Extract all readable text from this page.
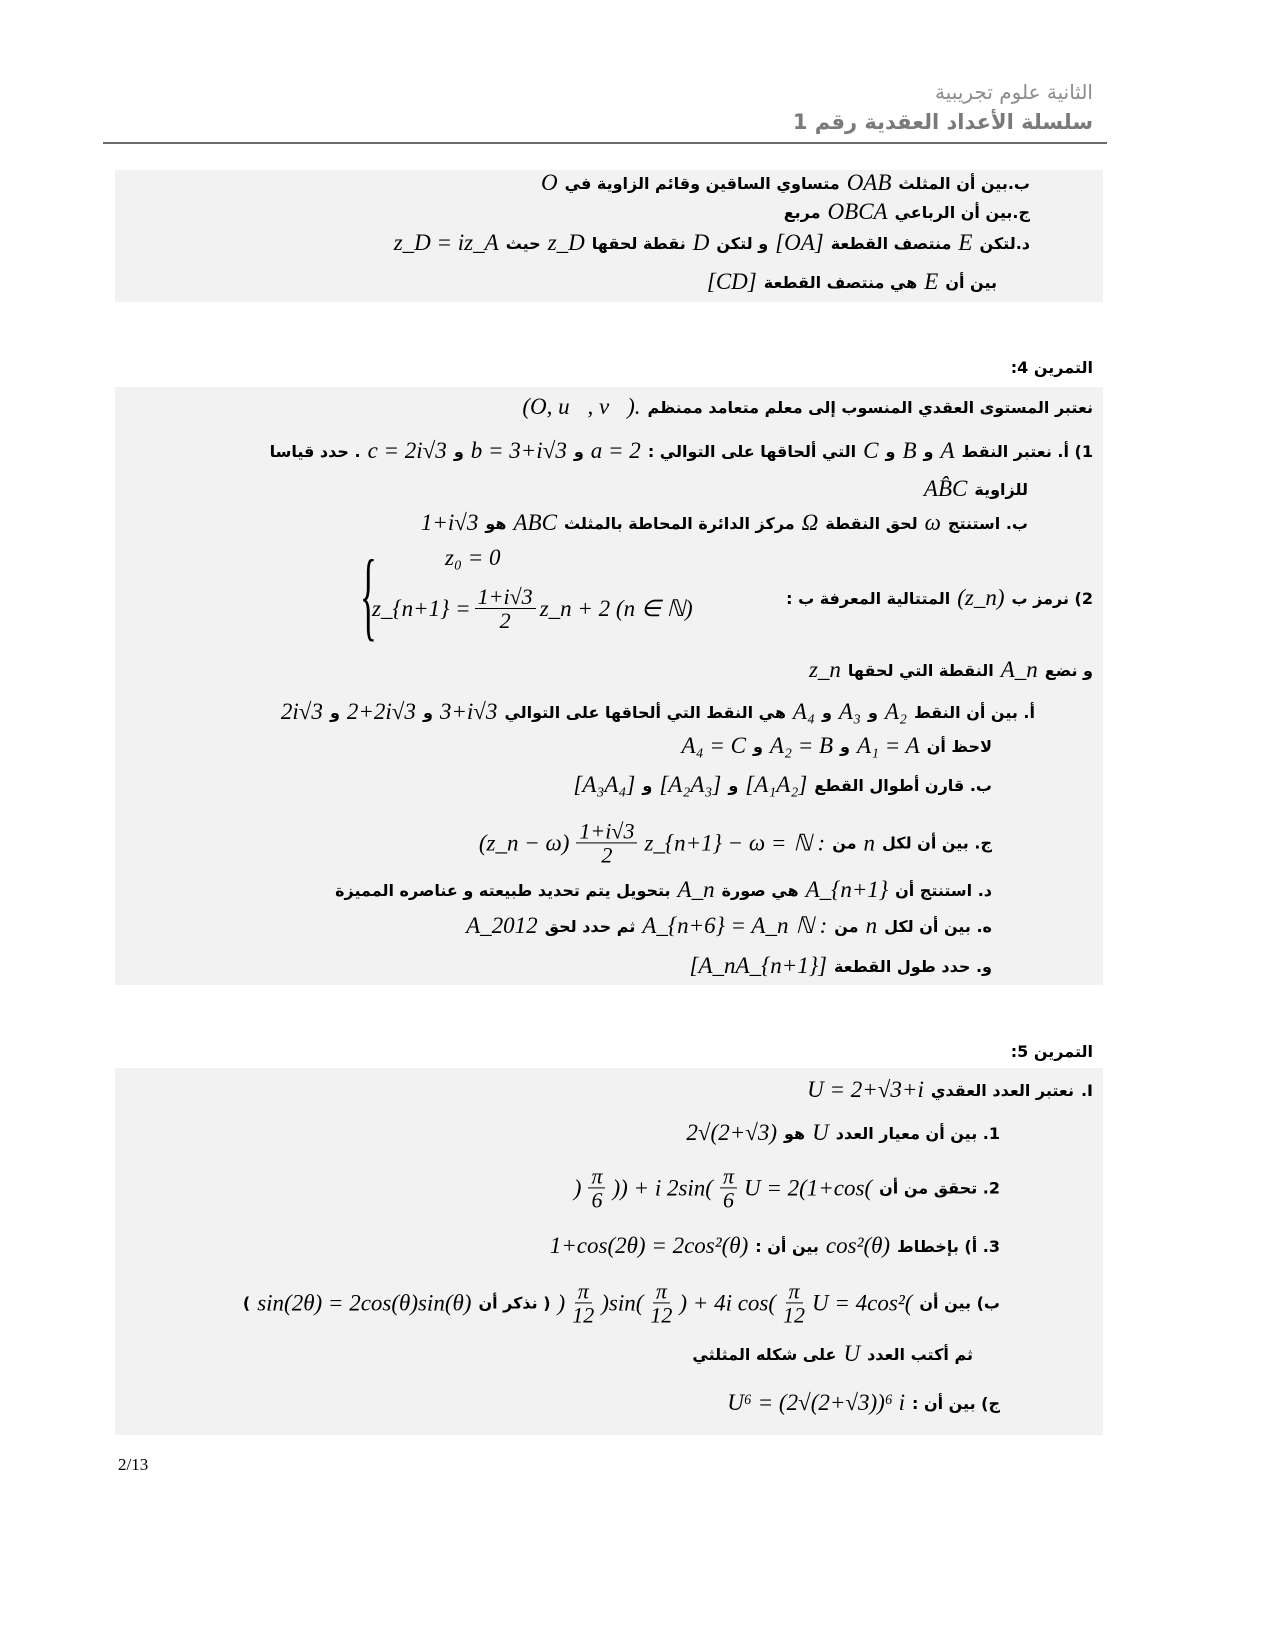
الثانية علوم تجريبية
سلسلة الأعداد العقدية رقم 1
التمرين 4:
التمرين 5:
{	z₀ = 0
z_{n+1} = $\frac{1+i√3}{2}$ z_n + 2 (n ∈ ℕ)
2/13
ب.بين أن المثلث
OAB
متساوي الساقين وقائم الزاوية في
O
ج.بين أن الرباعي
OBCA
مربع
د.لتكن
E
منتصف القطعة
[OA]
و لتكن
D
نقطة لحقها
z_D
حيث
z_D = iz_A
بين أن
E
هي منتصف القطعة
[CD]
نعتبر المستوى العقدي المنسوب إلى معلم متعامد ممنظم
(O, u⃗, v⃗).
1) أ. نعتبر النقط
A
و
B
و
C
التي ألحاقها على التوالي :
a = 2
و
b = 3+i√3
و
c = 2i√3
. حدد قياسا
للزاوية
AB̂C
ب. استنتج
ω
لحق النقطة
Ω
مركز الدائرة المحاطة بالمثلث
ABC
هو
1+i√3
2) نرمز ب
(z_n)
المتتالية المعرفة ب :
و نضع
A_n
النقطة التي لحقها
z_n
أ. بين أن النقط
A₂
و
A₃
و
A₄
هي النقط التي ألحاقها على التوالي
3+i√3
و
2+2i√3
و
2i√3
لاحظ أن
A₁ = A
و
A₂ = B
و
A₄ = C
ب. قارن أطوال القطع
[A₁A₂]
و
[A₂A₃]
و
[A₃A₄]
ج. بين أن لكل
n
من
ℕ :
z_{n+1} − ω =
$\frac{1+i√3}{2}$
(z_n − ω)
د. استنتج أن
A_{n+1}
هي صورة
A_n
بتحويل يتم تحديد طبيعته و عناصره المميزة
ه. بين أن لكل
n
من
ℕ :
A_{n+6} = A_n
ثم حدد لحق
A_2012
و. حدد طول القطعة
[A_nA_{n+1}]
I.
نعتبر العدد العقدي
U = 2+√3+i
1. بين أن معيار العدد
U
هو
2√(2+√3)
2. تحقق من أن
U = 2(1+cos(
$\frac{\pi}{6}$
)) + i 2sin(
$\frac{\pi}{6}$
)
3. أ) بإخطاط
cos²(θ)
بين أن :
1+cos(2θ) = 2cos²(θ)
ب) بين أن
U = 4cos²(
$\frac{\pi}{12}$
) + 4i cos(
$\frac{\pi}{12}$
)sin(
$\frac{\pi}{12}$
)
( نذكر أن
sin(2θ) = 2cos(θ)sin(θ)
)
ثم أكتب العدد
U
على شكله المثلثي
ج) بين أن :
U⁶ = (2√(2+√3))⁶ i
